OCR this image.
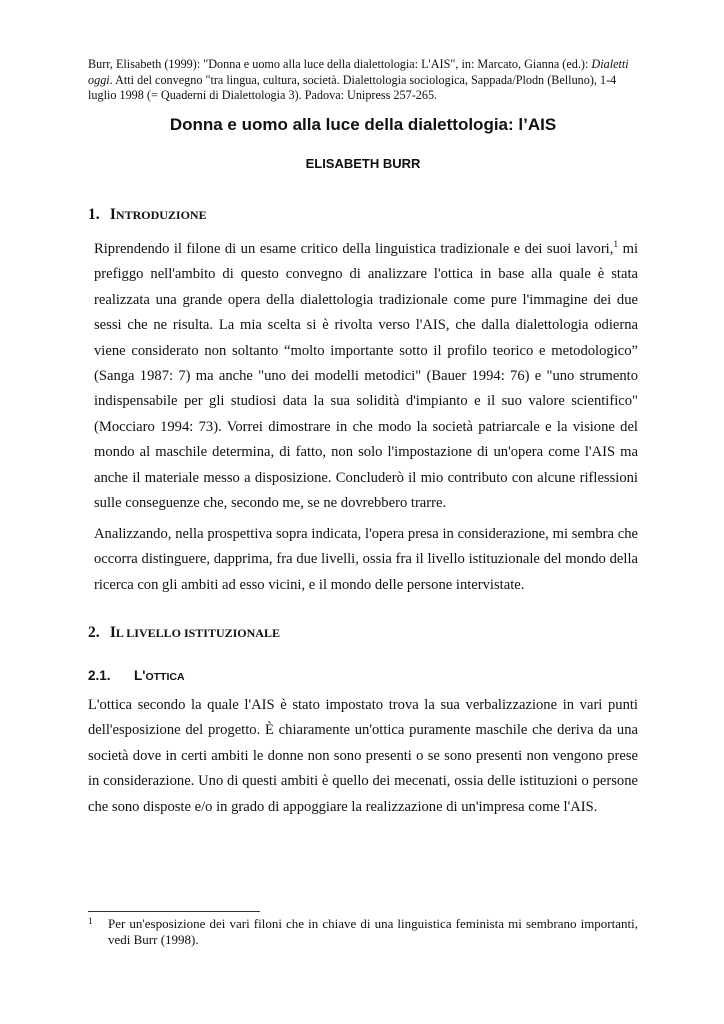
Burr, Elisabeth (1999): "Donna e uomo alla luce della dialettologia: L'AIS", in: Marcato, Gianna (ed.): Dialetti oggi. Atti del convegno "tra lingua, cultura, società. Dialettologia sociologica, Sappada/Plodn (Belluno), 1-4 luglio 1998 (= Quaderni di Dialettologia 3). Padova: Unipress 257-265.
Donna e uomo alla luce della dialettologia: l’AIS
ELISABETH BURR
1. INTRODUZIONE

Riprendendo il filone di un esame critico della linguistica tradizionale e dei suoi lavori,$^1$ mi prefiggo nell'ambito di questo convegno di analizzare l'ottica in base alla quale è stata realizzata una grande opera della dialettologia tradizionale come pure l'immagine dei due sessi che ne risulta. La mia scelta si è rivolta verso l'AIS, che dalla dialettologia odierna viene considerato non soltanto “molto importante sotto il profilo teorico e metodologico” (Sanga 1987: 7) ma anche "uno dei modelli metodici" (Bauer 1994: 76) e "uno strumento indispensabile per gli studiosi data la sua solidità d'impianto e il suo valore scientifico" (Mocciaro 1994: 73). Vorrei dimostrare in che modo la società patriarcale e la visione del mondo al maschile determina, di fatto, non solo l'impostazione di un'opera come l'AIS ma anche il materiale messo a disposizione. Concluderò il mio contributo con alcune riflessioni sulle conseguenze che, secondo me, se ne dovrebbero trarre.

Analizzando, nella prospettiva sopra indicata, l'opera presa in considerazione, mi sembra che occorra distinguere, dapprima, fra due livelli, ossia fra il livello istituzionale del mondo della ricerca con gli ambiti ad esso vicini, e il mondo delle persone intervistate.

2. IL LIVELLO ISTITUZIONALE
2.1. L'OTTICA

L'ottica secondo la quale l'AIS è stato impostato trova la sua verbalizzazione in vari punti dell'esposizione del progetto. È chiaramente un'ottica puramente maschile che deriva da una società dove in certi ambiti le donne non sono presenti o se sono presenti non vengono prese in considerazione. Uno di questi ambiti è quello dei mecenati, ossia delle istituzioni o persone che sono disposte e/o in grado di appoggiare la realizzazione di un'impresa come l'AIS.

1 Per un'esposizione dei vari filoni che in chiave di una linguistica feminista mi sembrano importanti, vedi Burr (1998).
